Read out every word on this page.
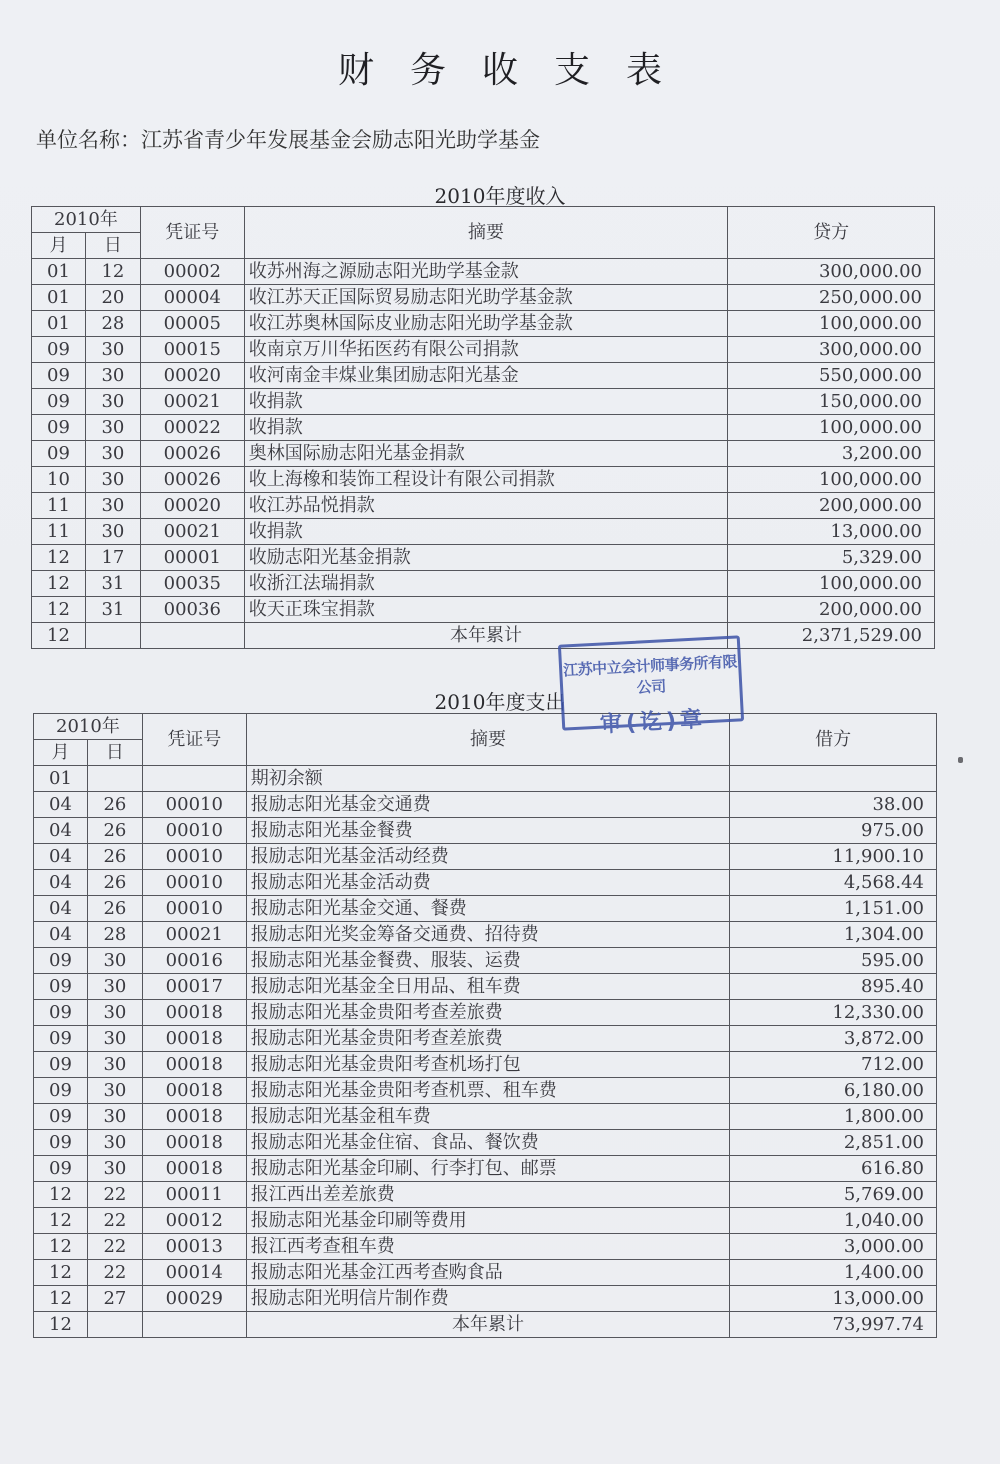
财务收支表
单位名称：江苏省青少年发展基金会励志阳光助学基金
2010年度收入
2010年		凭证号	摘要	贷方
月	日			
01	12	00002	收苏州海之源励志阳光助学基金款	300,000.00
01	20	00004	收江苏天正国际贸易励志阳光助学基金款	250,000.00
01	28	00005	收江苏奥林国际皮业励志阳光助学基金款	100,000.00
09	30	00015	收南京万川华拓医药有限公司捐款	300,000.00
09	30	00020	收河南金丰煤业集团励志阳光基金	550,000.00
09	30	00021	收捐款	150,000.00
09	30	00022	收捐款	100,000.00
09	30	00026	奥林国际励志阳光基金捐款	3,200.00
10	30	00026	收上海橡和装饰工程设计有限公司捐款	100,000.00
11	30	00020	收江苏品悦捐款	200,000.00
11	30	00021	收捐款	13,000.00
12	17	00001	收励志阳光基金捐款	5,329.00
12	31	00035	收浙江法瑞捐款	100,000.00
12	31	00036	收天正珠宝捐款	200,000.00
12			本年累计	2,371,529.00
2010年度支出
2010年		凭证号	摘要	借方
月	日			
01			期初余额	
04	26	00010	报励志阳光基金交通费	38.00
04	26	00010	报励志阳光基金餐费	975.00
04	26	00010	报励志阳光基金活动经费	11,900.10
04	26	00010	报励志阳光基金活动费	4,568.44
04	26	00010	报励志阳光基金交通、餐费	1,151.00
04	28	00021	报励志阳光奖金筹备交通费、招待费	1,304.00
09	30	00016	报励志阳光基金餐费、服装、运费	595.00
09	30	00017	报励志阳光基金全日用品、租车费	895.40
09	30	00018	报励志阳光基金贵阳考查差旅费	12,330.00
09	30	00018	报励志阳光基金贵阳考查差旅费	3,872.00
09	30	00018	报励志阳光基金贵阳考查机场打包	712.00
09	30	00018	报励志阳光基金贵阳考查机票、租车费	6,180.00
09	30	00018	报励志阳光基金租车费	1,800.00
09	30	00018	报励志阳光基金住宿、食品、餐饮费	2,851.00
09	30	00018	报励志阳光基金印刷、行李打包、邮票	616.80
12	22	00011	报江西出差差旅费	5,769.00
12	22	00012	报励志阳光基金印刷等费用	1,040.00
12	22	00013	报江西考查租车费	3,000.00
12	22	00014	报励志阳光基金江西考查购食品	1,400.00
12	27	00029	报励志阳光明信片制作费	13,000.00
12			本年累计	73,997.74
江苏中立会计师事务所有限公司
审(讫)章
